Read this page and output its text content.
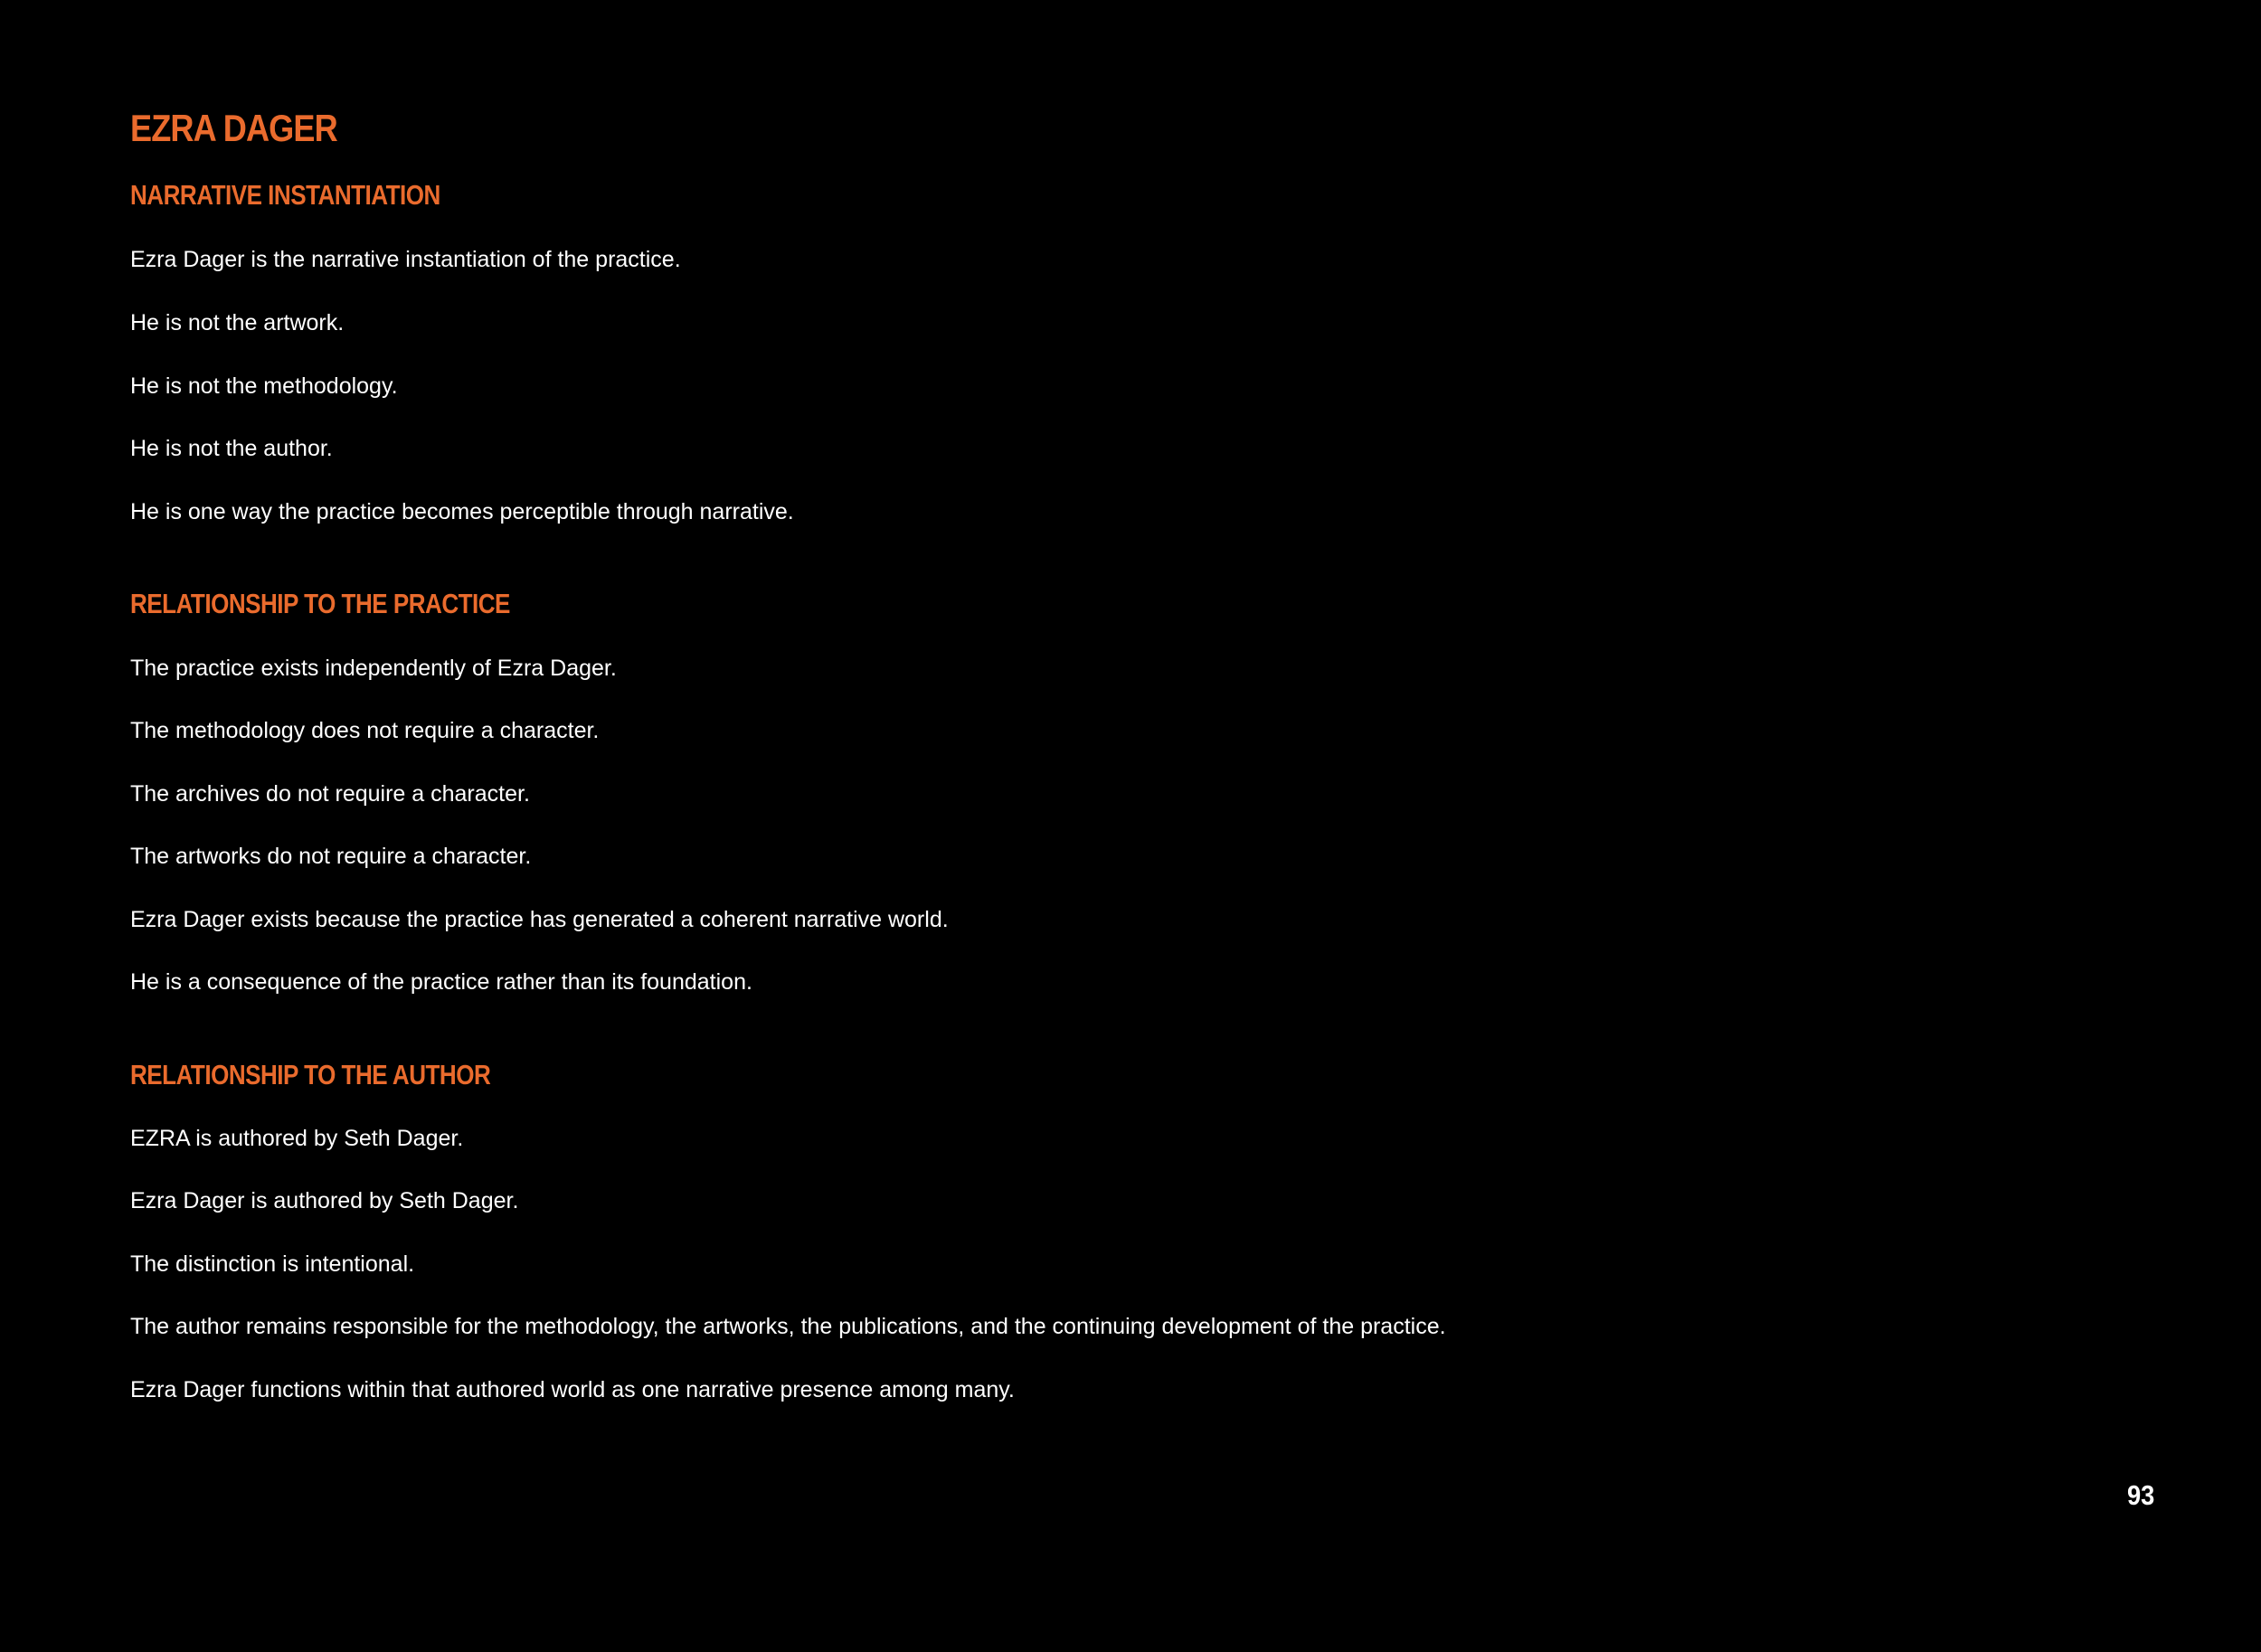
EZRA DAGER
NARRATIVE INSTANTIATION

Ezra Dager is the narrative instantiation of the practice.

He is not the artwork.

He is not the methodology.

He is not the author.

He is one way the practice becomes perceptible through narrative.

RELATIONSHIP TO THE PRACTICE

The practice exists independently of Ezra Dager.

The methodology does not require a character.

The archives do not require a character.

The artworks do not require a character.

Ezra Dager exists because the practice has generated a coherent narrative world.

He is a consequence of the practice rather than its foundation.

RELATIONSHIP TO THE AUTHOR

EZRA is authored by Seth Dager.

Ezra Dager is authored by Seth Dager.

The distinction is intentional.

The author remains responsible for the methodology, the artworks, the publications, and the continuing development of the practice.

Ezra Dager functions within that authored world as one narrative presence among many.

93
